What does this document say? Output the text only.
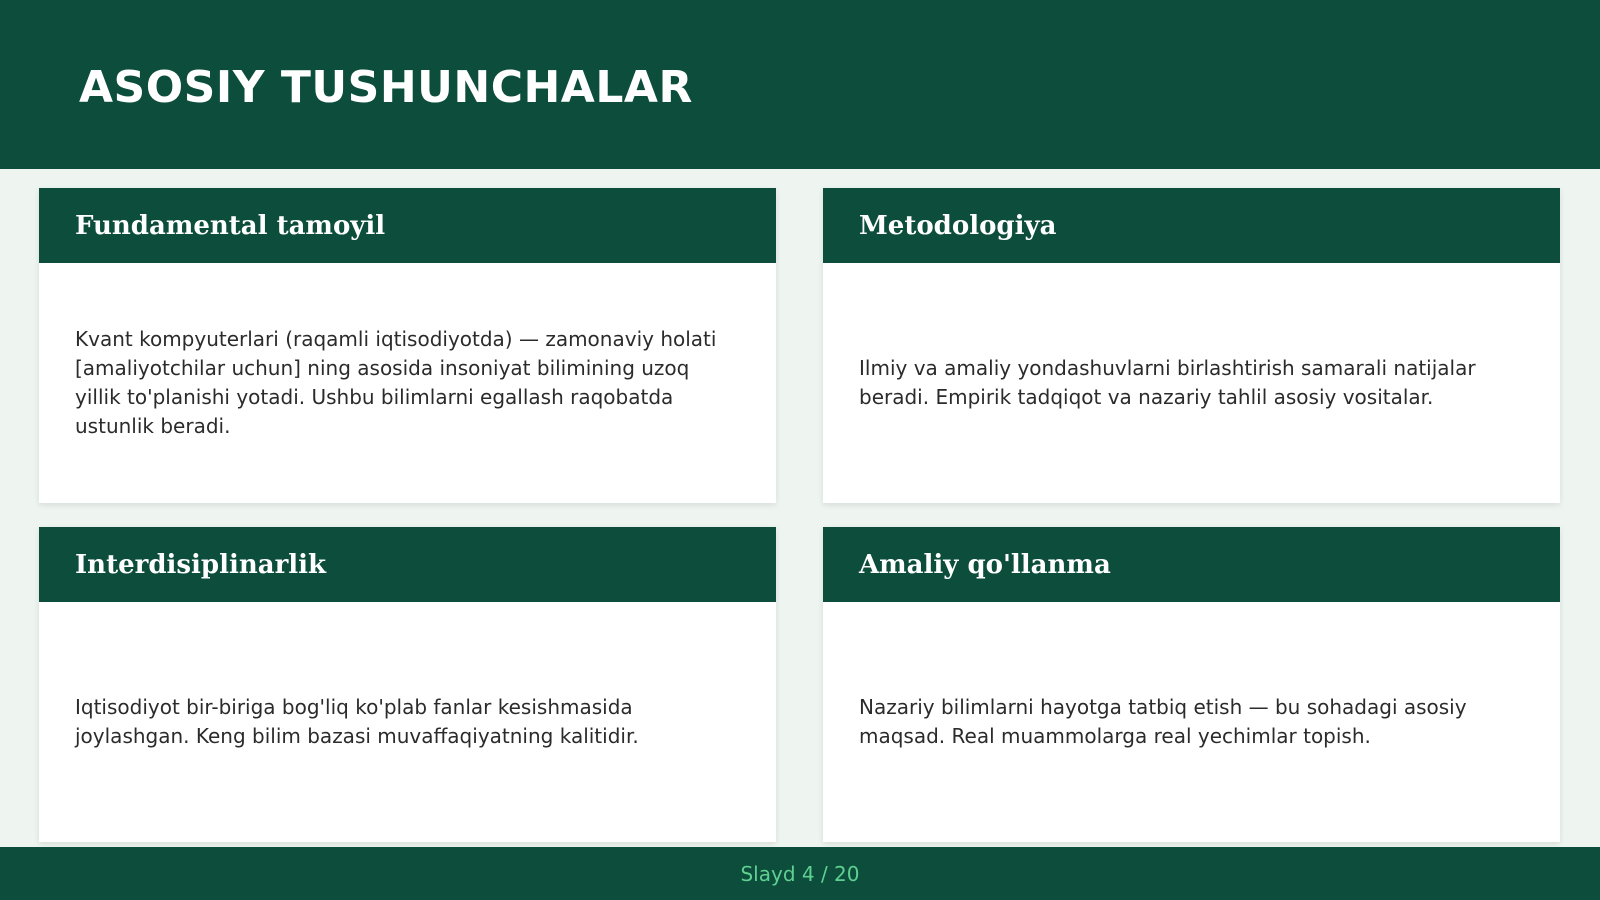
ASOSIY TUSHUNCHALAR
Fundamental tamoyil

Kvant kompyuterlari (raqamli iqtisodiyotda) — zamonaviy holati [amaliyotchilar uchun] ning asosida insoniyat bilimining uzoq yillik to'planishi yotadi. Ushbu bilimlarni egallash raqobatda ustunlik beradi.

Metodologiya

Ilmiy va amaliy yondashuvlarni birlashtirish samarali natijalar beradi. Empirik tadqiqot va nazariy tahlil asosiy vositalar.

Interdisiplinarlik

Iqtisodiyot bir-biriga bog'liq ko'plab fanlar kesishmasida joylashgan. Keng bilim bazasi muvaffaqiyatning kalitidir.

Amaliy qo'llanma

Nazariy bilimlarni hayotga tatbiq etish — bu sohadagi asosiy maqsad. Real muammolarga real yechimlar topish.

Slayd 4 / 20
